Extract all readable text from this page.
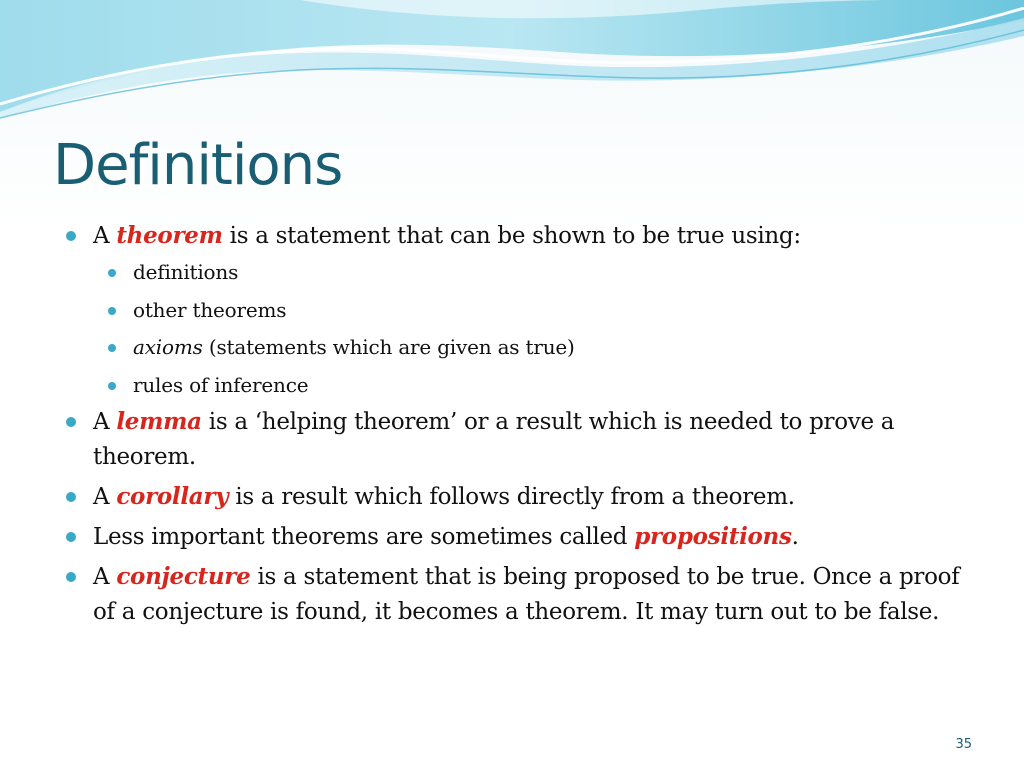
Definitions
A theorem is a statement that can be shown to be true using:
definitions
other theorems
axioms (statements which are given as true)
rules of inference
A lemma is a ‘helping theorem’ or a result which is needed to prove a theorem.
A corollary is a result which follows directly from a theorem.
Less important theorems are sometimes called propositions.
A conjecture is a statement that is being proposed to be true. Once a proof of a conjecture is found, it becomes a theorem. It may turn out to be false.
35
